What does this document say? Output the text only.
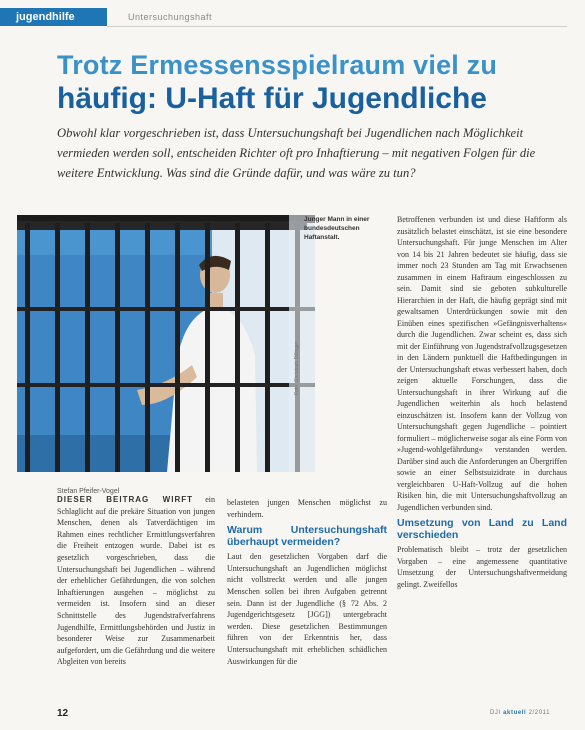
jugendhilfe	Untersuchungshaft
Trotz Ermessensspielraum viel zu
häufig: U-Haft für Jugendliche
Obwohl klar vorgeschrieben ist, dass Untersuchungshaft bei Jugendlichen nach Möglichkeit vermieden werden soll, entscheiden Richter oft pro Inhaftierung – mit negativen Folgen für die weitere Entwicklung. Was sind die Gründe dafür, und was wäre zu tun?
Junger Mann in einer bundesdeutschen Haftanstalt.
Foto: Christoph Dillinger

Betroffenen verbunden ist und diese Haftform als zusätzlich belastet einschätzt, ist sie eine besondere Untersuchungshaft. Für junge Menschen im Alter von 14 bis 21 Jahren bedeutet sie häufig, dass sie immer noch 23 Stunden am Tag mit Erwachsenen zusammen in einem Haftraum eingeschlossen zu sein. Damit sind sie geboten subkulturelle Hierarchien in der Haft, die häufig geprägt sind mit gewaltsamen Unterdrückungen sowie mit den Einüben eines spezifischen »Gefängnisverhaltens« durch die Jugendlichen. Zwar scheint es, dass sich mit der Einführung von Jugendstrafvollzugsgesetzen in den Ländern punktuell die Haftbedingungen in der Untersuchungshaft etwas verbessert haben, doch zeigen aktuelle Forschungen, dass die Untersuchungshaft in ihrer Wirkung auf die Jugendlichen weiterhin als hoch belastend einzuschätzen ist. Insofern kann der Vollzug von Untersuchungshaft gegen Jugendliche – pointiert formuliert – möglicherweise sogar als eine Form von »Jugend-wohlgefährdung« verstanden werden. Darüber sind auch die Anforderungen an Übergriffen sowie an einer Selbstsuizidrate in durchaus vergleichbaren U-Haft-Vollzug auf die hohen Risiken hin, die mit Untersuchungshaftvollzug an Jugendlichen verbunden sind.

Umsetzung von Land zu Land verschieden

Problematisch bleibt – trotz der gesetzlichen Vorgaben – eine angemessene quantitative Umsetzung der Untersuchungshaftvermeidung gelingt. Zweifellos

Stefan Pfeifer-Vogel

DIESER BEITRAG WIRFT ein Schlaglicht auf die prekäre Situation von jungen Menschen, denen als Tatverdächtigen im Rahmen eines rechtlicher Ermittlungsverfahren die Freiheit entzogen wurde. Dabei ist es gesetzlich vorgeschrieben, dass die Untersuchungshaft bei Jugendlichen – während der erheblicher Gefährdungen, die von solchen Inhaftierungen ausgehen – möglichst zu vermeiden ist. Insofern sind an dieser Schnittstelle des Jugendstrafverfahrens Jugendhilfe, Ermittlungsbehörden und Justiz in besonderer Weise zur Zusammenarbeit aufgefordert, um die Gefährdung und die weitere Abgleiten von bereits

belasteten jungen Menschen möglichst zu verhindern.

Warum Untersuchungshaft überhaupt vermeiden?

Laut den gesetzlichen Vorgaben darf die Untersuchungshaft an Jugendlichen möglichst nicht vollstreckt werden und alle jungen Menschen sollen bei ihren Aufgaben getrennt sein. Dann ist der Jugendliche (§ 72 Abs. 2 Jugendgerichtsgesetz [JGG]) untergebracht werden. Diese gesetzlichen Bestimmungen führen von der Erkenntnis her, dass Untersuchungshaft mit erheblichen schädlichen Auswirkungen für die

12	DJI aktuell 2/2011
